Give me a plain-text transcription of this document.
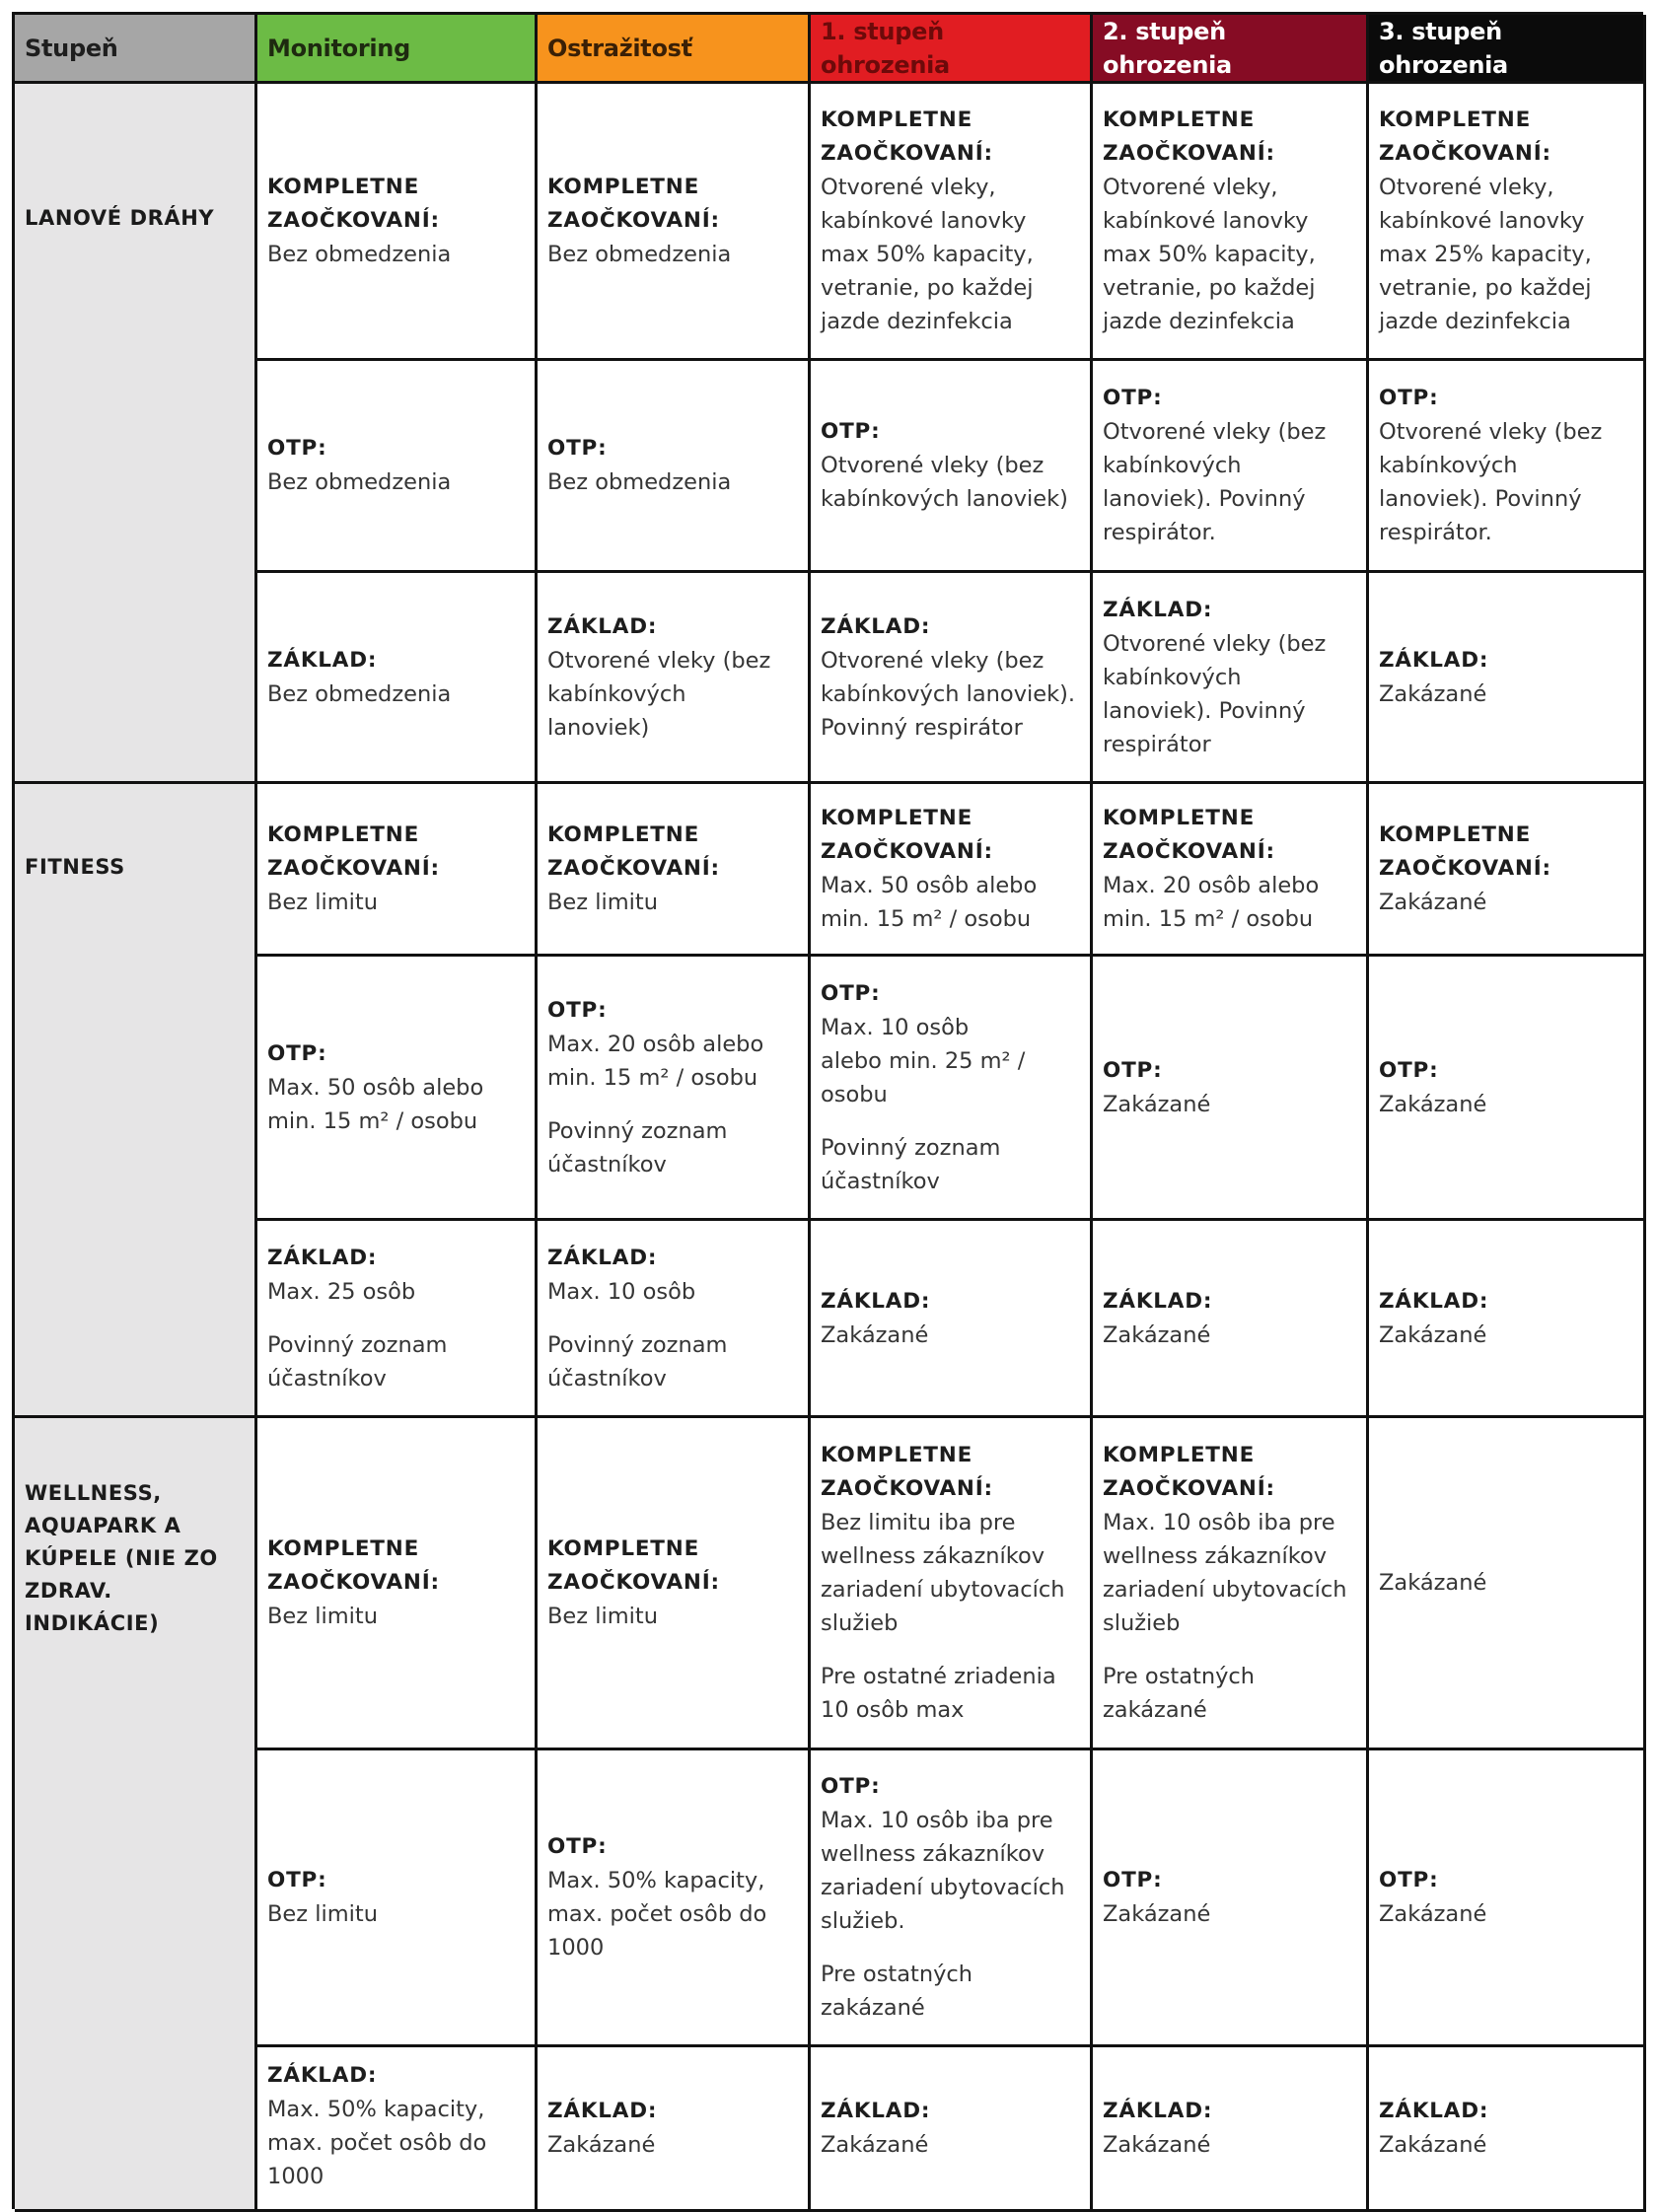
Stupeň	Monitoring	Ostražitosť
1. stupeň ohrozenia
2. stupeň ohrozenia
3. stupeň ohrozenia
LANOVÉ DRÁHY
KOMPLETNE
ZAOČKOVANÍ:
Bez obmedzenia
KOMPLETNE
ZAOČKOVANÍ:
Bez obmedzenia
KOMPLETNE
ZAOČKOVANÍ:
Otvorené vleky,
kabínkové lanovky
max 50% kapacity,
vetranie, po každej
jazde dezinfekcia
KOMPLETNE
ZAOČKOVANÍ:
Otvorené vleky,
kabínkové lanovky
max 50% kapacity,
vetranie, po každej
jazde dezinfekcia
KOMPLETNE
ZAOČKOVANÍ:
Otvorené vleky,
kabínkové lanovky
max 25% kapacity,
vetranie, po každej
jazde dezinfekcia
OTP:
Bez obmedzenia
OTP:
Bez obmedzenia
OTP:
Otvorené vleky (bez
kabínkových lanoviek)
OTP:
Otvorené vleky (bez
kabínkových
lanoviek). Povinný
respirátor.
OTP:
Otvorené vleky (bez
kabínkových
lanoviek). Povinný
respirátor.
ZÁKLAD:
Bez obmedzenia
ZÁKLAD:
Otvorené vleky (bez
kabínkových
lanoviek)
ZÁKLAD:
Otvorené vleky (bez
kabínkových lanoviek).
Povinný respirátor
ZÁKLAD:
Otvorené vleky (bez
kabínkových
lanoviek). Povinný
respirátor
ZÁKLAD:
Zakázané
FITNESS
KOMPLETNE
ZAOČKOVANÍ:
Bez limitu
KOMPLETNE
ZAOČKOVANÍ:
Bez limitu
KOMPLETNE
ZAOČKOVANÍ:
Max. 50 osôb alebo
min. 15 m² / osobu
KOMPLETNE
ZAOČKOVANÍ:
Max. 20 osôb alebo
min. 15 m² / osobu
KOMPLETNE
ZAOČKOVANÍ:
Zakázané
OTP:
Max. 50 osôb alebo
min. 15 m² / osobu
OTP:
Max. 20 osôb alebo
min. 15 m² / osobu
Povinný zoznam
účastníkov
OTP:
Max. 10 osôb
alebo min. 25 m² /
osobu
Povinný zoznam
účastníkov
OTP:
Zakázané
OTP:
Zakázané
ZÁKLAD:
Max. 25 osôb
Povinný zoznam
účastníkov
ZÁKLAD:
Max. 10 osôb
Povinný zoznam
účastníkov
ZÁKLAD:
Zakázané
ZÁKLAD:
Zakázané
ZÁKLAD:
Zakázané
WELLNESS,
AQUAPARK A
KÚPELE (NIE ZO
ZDRAV.
INDIKÁCIE)
KOMPLETNE
ZAOČKOVANÍ:
Bez limitu
KOMPLETNE
ZAOČKOVANÍ:
Bez limitu
KOMPLETNE
ZAOČKOVANÍ:
Bez limitu iba pre
wellness zákazníkov
zariadení ubytovacích
služieb
Pre ostatné zriadenia
10 osôb max
KOMPLETNE
ZAOČKOVANÍ:
Max. 10 osôb iba pre
wellness zákazníkov
zariadení ubytovacích
služieb
Pre ostatných
zakázané
Zakázané
OTP:
Bez limitu
OTP:
Max. 50% kapacity,
max. počet osôb do
1000
OTP:
Max. 10 osôb iba pre
wellness zákazníkov
zariadení ubytovacích
služieb.
Pre ostatných
zakázané
OTP:
Zakázané
OTP:
Zakázané
ZÁKLAD:
Max. 50% kapacity,
max. počet osôb do
1000
ZÁKLAD:
Zakázané
ZÁKLAD:
Zakázané
ZÁKLAD:
Zakázané
ZÁKLAD:
Zakázané
